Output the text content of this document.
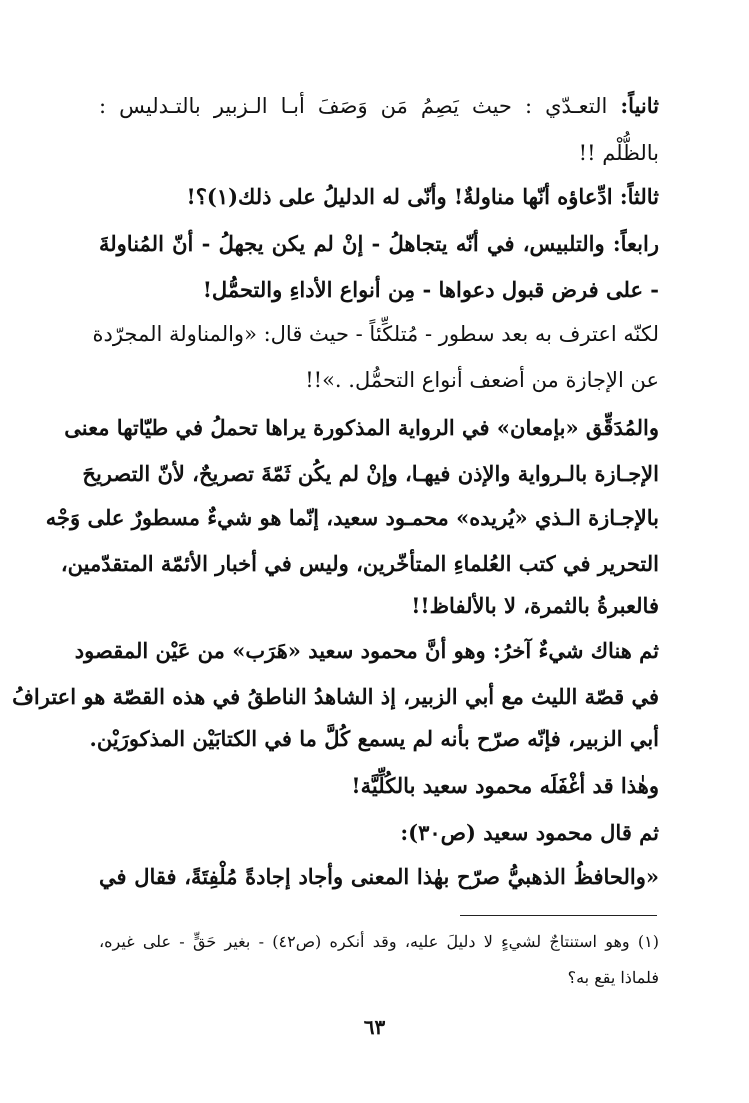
ثانياً: التعـدّي : حيث يَصِمُ مَن وَصَفَ أبـا الـزبير بالتـدليس :
بالظُّلْم !!
ثالثاً: ادِّعاؤه أنّها مناولةٌ! وأنّى له الدليلُ على ذلك(١)؟!
رابعاً: والتلبيس، في أنّه يتجاهلُ - إنْ لم يكن يجهلُ - أنّ المُناولةَ
- على فرض قبول دعواها - مِن أنواع الأداءِ والتحمُّل!
لكنّه اعترف به بعد سطور - مُتلكِّئاً - حيث قال: «والمناولة المجرّدة
عن الإجازة من أضعف أنواع التحمُّل. .»!!
والمُدَقِّق «بإمعان» في الرواية المذكورة يراها تحملُ في طيّاتها معنى
الإجـازة بالـرواية والإذن فيهـا، وإنْ لم يكُن ثَمّةَ تصريحٌ، لأنّ التصريحَ
بالإجـازة الـذي «يُريده» محمـود سعيد، إنّما هو شيءٌ مسطورٌ على وَجْه
التحرير في كتب العُلماءِ المتأخّرين، وليس في أخبار الأئمّة المتقدّمين،
فالعبرةُ بالثمرة، لا بالألفاظ!!
ثم هناك شيءٌ آخرُ: وهو أنَّ محمود سعيد «هَرَب» من عَيْن المقصود
في قصّة الليث مع أبي الزبير، إذ الشاهدُ الناطقُ في هذه القصّة هو اعترافُ
أبي الزبير، فإنّه صرّح بأنه لم يسمع كُلَّ ما في الكتابَيْن المذكورَيْن.
وهٰذا قد أغْفَلَه محمود سعيد بالكُلِّيَّة!
ثم قال محمود سعيد (ص٣٠):
«والحافظُ الذهبيُّ صرّح بهٰذا المعنى وأجاد إجادةً مُلْفِتَةً، فقال في
(١) وهو استنتاجٌ لشيءٍ لا دليلَ عليه، وقد أنكره (ص٤٢) - بغير حَقٍّ - على غيره،
فلماذا يقع به؟
٦٣
